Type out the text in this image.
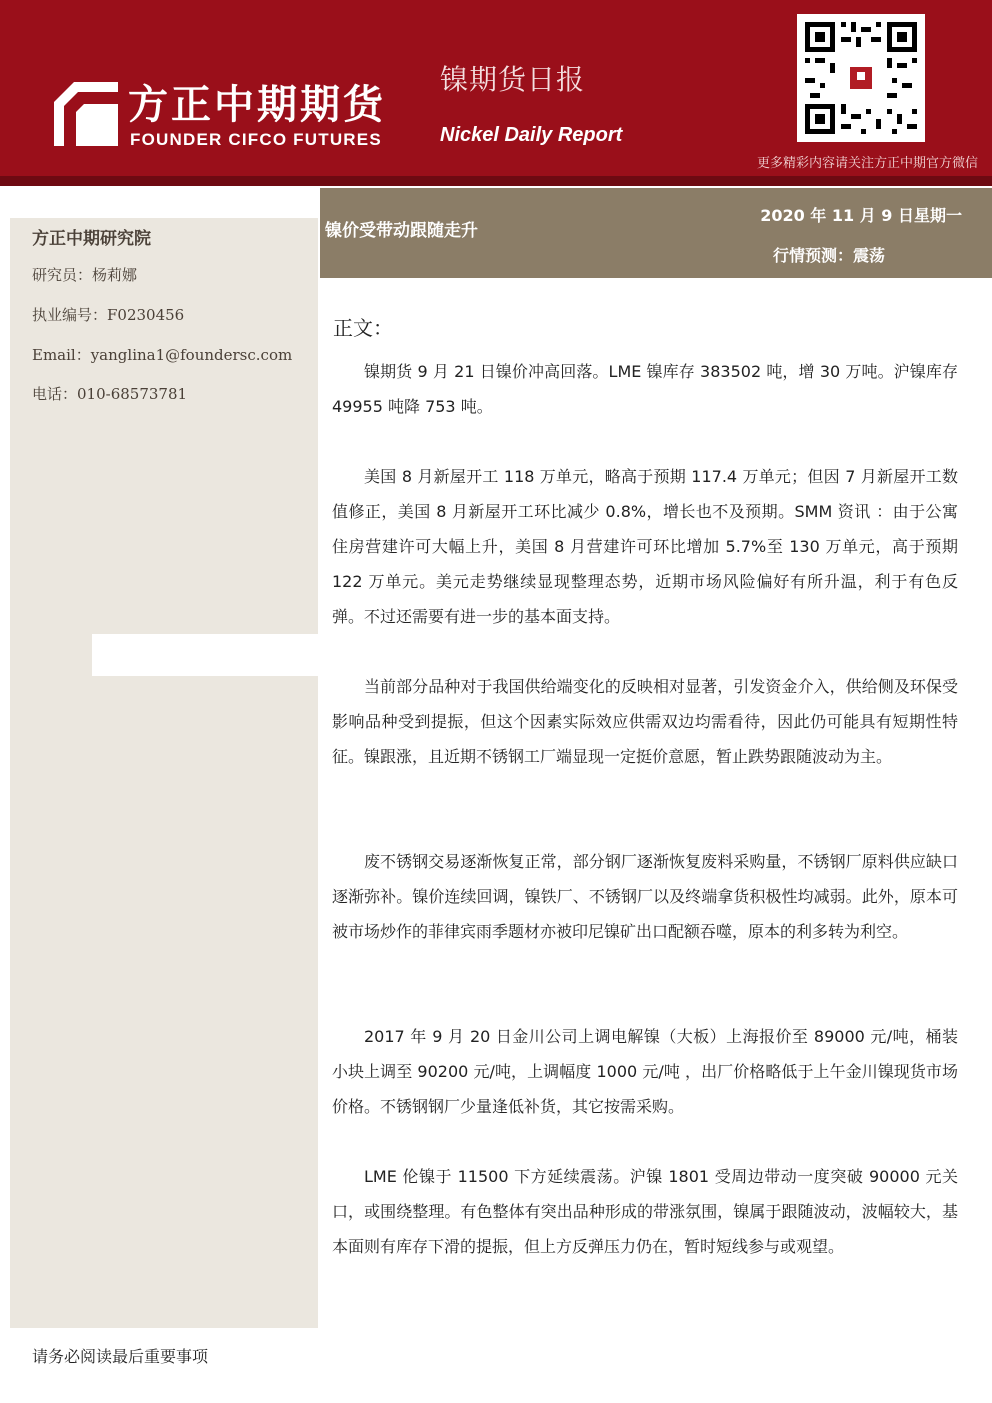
方正中期期货
FOUNDER CIFCO FUTURES
镍期货日报
Nickel Daily Report
更多精彩内容请关注方正中期官方微信
方正中期研究院
研究员：杨莉娜
执业编号：F0230456
Email：yanglina1@foundersc.com
电话：010-68573781
镍价受带动跟随走升
2020 年 11 月 9 日星期一
行情预测：震荡
正文：

镍期货 9 月 21 日镍价冲高回落。LME 镍库存 383502 吨，增 30 万吨。沪镍库存 49955 吨降 753 吨。

美国 8 月新屋开工 118 万单元，略高于预期 117.4 万单元；但因 7 月新屋开工数值修正，美国 8 月新屋开工环比减少 0.8%，增长也不及预期。SMM 资讯 ：由于公寓住房营建许可大幅上升，美国 8 月营建许可环比增加 5.7%至 130 万单元，高于预期 122 万单元。美元走势继续显现整理态势，近期市场风险偏好有所升温，利于有色反弹。不过还需要有进一步的基本面支持。

当前部分品种对于我国供给端变化的反映相对显著，引发资金介入，供给侧及环保受影响品种受到提振，但这个因素实际效应供需双边均需看待，因此仍可能具有短期性特征。镍跟涨，且近期不锈钢工厂端显现一定挺价意愿，暂止跌势跟随波动为主。

废不锈钢交易逐渐恢复正常，部分钢厂逐渐恢复废料采购量，不锈钢厂原料供应缺口逐渐弥补。镍价连续回调，镍铁厂、不锈钢厂以及终端拿货积极性均减弱。此外，原本可被市场炒作的菲律宾雨季题材亦被印尼镍矿出口配额吞噬，原本的利多转为利空。

2017 年 9 月 20 日金川公司上调电解镍（大板）上海报价至 89000 元/吨，桶装小块上调至 90200 元/吨，上调幅度 1000 元/吨 ，出厂价格略低于上午金川镍现货市场价格。不锈钢钢厂少量逢低补货，其它按需采购。

LME 伦镍于 11500 下方延续震荡。沪镍 1801 受周边带动一度突破 90000 元关口，或围绕整理。有色整体有突出品种形成的带涨氛围，镍属于跟随波动，波幅较大，基本面则有库存下滑的提振，但上方反弹压力仍在，暂时短线参与或观望。

请务必阅读最后重要事项
